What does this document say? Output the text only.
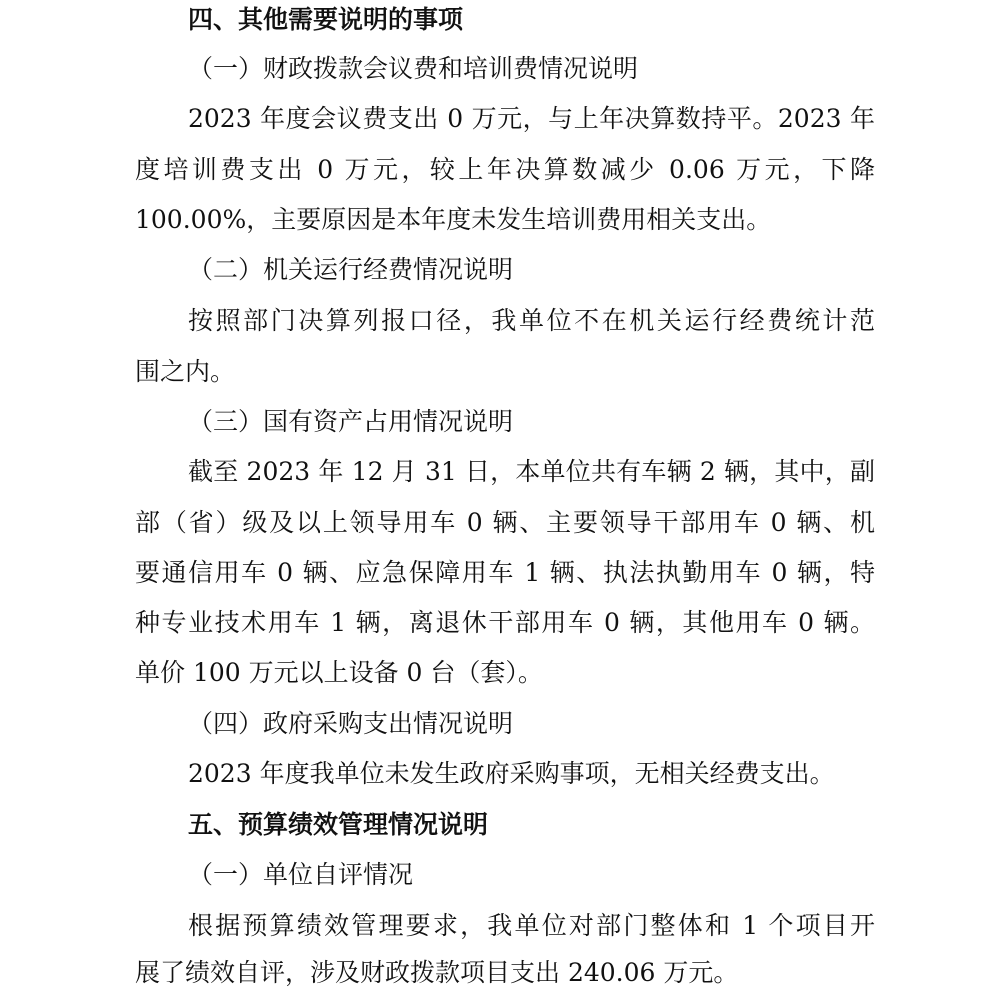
四、其他需要说明的事项
（一）财政拨款会议费和培训费情况说明
2023 年度会议费支出 0 万元，与上年决算数持平。2023 年
度培训费支出 0 万元，较上年决算数减少 0.06 万元，下降
100.00%，主要原因是本年度未发生培训费用相关支出。
（二）机关运行经费情况说明
按照部门决算列报口径，我单位不在机关运行经费统计范
围之内。
（三）国有资产占用情况说明
截至 2023 年 12 月 31 日，本单位共有车辆 2 辆，其中，副
部（省）级及以上领导用车 0 辆、主要领导干部用车 0 辆、机
要通信用车 0 辆、应急保障用车 1 辆、执法执勤用车 0 辆，特
种专业技术用车 1 辆，离退休干部用车 0 辆，其他用车 0 辆。
单价 100 万元以上设备 0 台（套）。
（四）政府采购支出情况说明
2023 年度我单位未发生政府采购事项，无相关经费支出。
五、预算绩效管理情况说明
（一）单位自评情况
根据预算绩效管理要求，我单位对部门整体和 1 个项目开
展了绩效自评，涉及财政拨款项目支出 240.06 万元。
